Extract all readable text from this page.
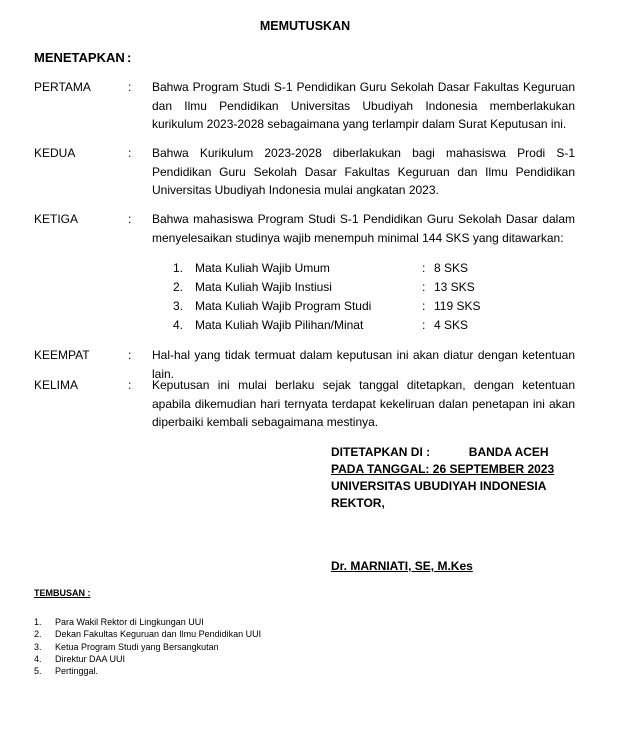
MEMUTUSKAN
MENETAPKAN :
PERTAMA	: Bahwa Program Studi S-1 Pendidikan Guru Sekolah Dasar Fakultas Keguruan dan Ilmu Pendidikan Universitas Ubudiyah Indonesia memberlakukan kurikulum 2023-2028 sebagaimana yang terlampir dalam Surat Keputusan ini.
KEDUA	: Bahwa Kurikulum 2023-2028 diberlakukan bagi mahasiswa Prodi S-1 Pendidikan Guru Sekolah Dasar Fakultas Keguruan dan Ilmu Pendidikan Universitas Ubudiyah Indonesia mulai angkatan 2023.
KETIGA	: Bahwa mahasiswa Program Studi S-1 Pendidikan Guru Sekolah Dasar dalam menyelesaikan studinya wajib menempuh minimal 144 SKS yang ditawarkan:
1. Mata Kuliah Wajib Umum	: 8 SKS
2. Mata Kuliah Wajib Instiusi	: 13 SKS
3. Mata Kuliah Wajib Program Studi	: 119 SKS
4. Mata Kuliah Wajib Pilihan/Minat	: 4 SKS
KEEMPAT	: Hal-hal yang tidak termuat dalam keputusan ini akan diatur dengan ketentuan lain.
KELIMA	: Keputusan ini mulai berlaku sejak tanggal ditetapkan, dengan ketentuan apabila dikemudian hari ternyata terdapat kekeliruan dalan penetapan ini akan diperbaiki kembali sebagaimana mestinya.
DITETAPKAN DI :	BANDA ACEH
PADA TANGGAL: 26 SEPTEMBER 2023
UNIVERSITAS UBUDIYAH INDONESIA
REKTOR,
Dr. MARNIATI, SE, M.Kes
TEMBUSAN :
1. Para Wakil Rektor di Lingkungan UUI
2. Dekan Fakultas Keguruan dan Ilmu Pendidikan UUI
3. Ketua Program Studi yang Bersangkutan
4. Direktur DAA UUI
5. Pertinggal.
